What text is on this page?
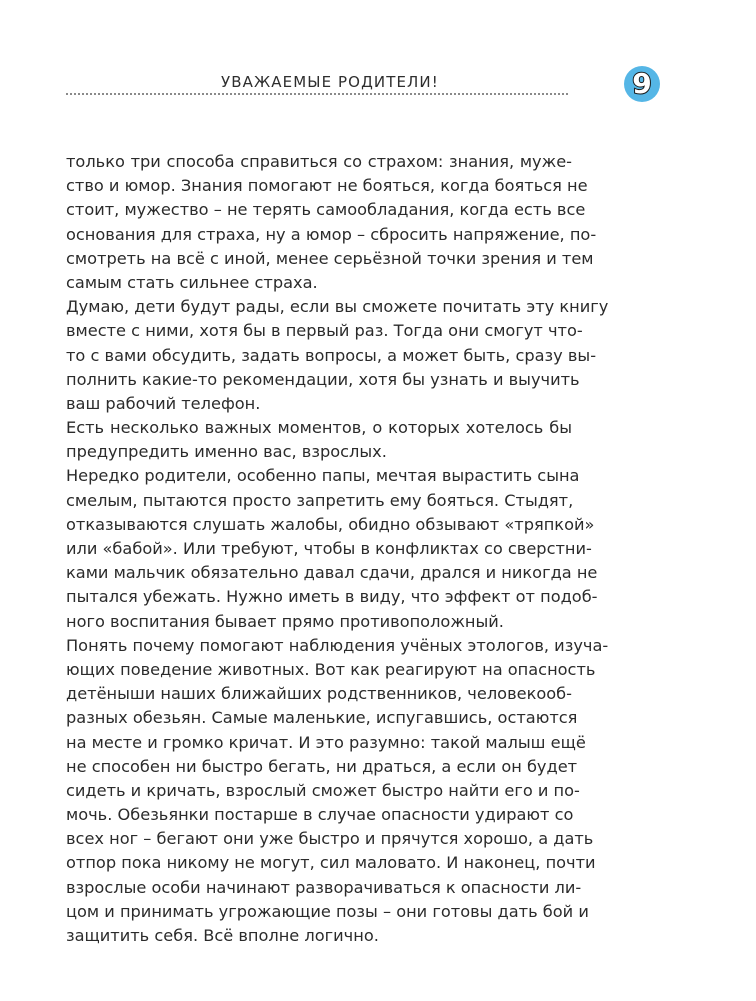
УВАЖАЕМЫЕ РОДИТЕЛИ!	9
только три способа справиться со страхом: знания, муже-
ство и юмор. Знания помогают не бояться, когда бояться не
стоит, мужество – не терять самообладания, когда есть все
основания для страха, ну а юмор – сбросить напряжение, по-
смотреть на всё с иной, менее серьёзной точки зрения и тем
самым стать сильнее страха.
Думаю, дети будут рады, если вы сможете почитать эту книгу
вместе с ними, хотя бы в первый раз. Тогда они смогут что-
то с вами обсудить, задать вопросы, а может быть, сразу вы-
полнить какие-то рекомендации, хотя бы узнать и выучить
ваш рабочий телефон.
Есть несколько важных моментов, о которых хотелось бы
предупредить именно вас, взрослых.
Нередко родители, особенно папы, мечтая вырастить сына
смелым, пытаются просто запретить ему бояться. Стыдят,
отказываются слушать жалобы, обидно обзывают «тряпкой»
или «бабой». Или требуют, чтобы в конфликтах со сверстни-
ками мальчик обязательно давал сдачи, дрался и никогда не
пытался убежать. Нужно иметь в виду, что эффект от подоб-
ного воспитания бывает прямо противоположный.
Понять почему помогают наблюдения учёных этологов, изуча-
ющих поведение животных. Вот как реагируют на опасность
детёныши наших ближайших родственников, человекооб-
разных обезьян. Самые маленькие, испугавшись, остаются
на месте и громко кричат. И это разумно: такой малыш ещё
не способен ни быстро бегать, ни драться, а если он будет
сидеть и кричать, взрослый сможет быстро найти его и по-
мочь. Обезьянки постарше в случае опасности удирают со
всех ног – бегают они уже быстро и прячутся хорошо, а дать
отпор пока никому не могут, сил маловато. И наконец, почти
взрослые особи начинают разворачиваться к опасности ли-
цом и принимать угрожающие позы – они готовы дать бой и
защитить себя. Всё вполне логично.
